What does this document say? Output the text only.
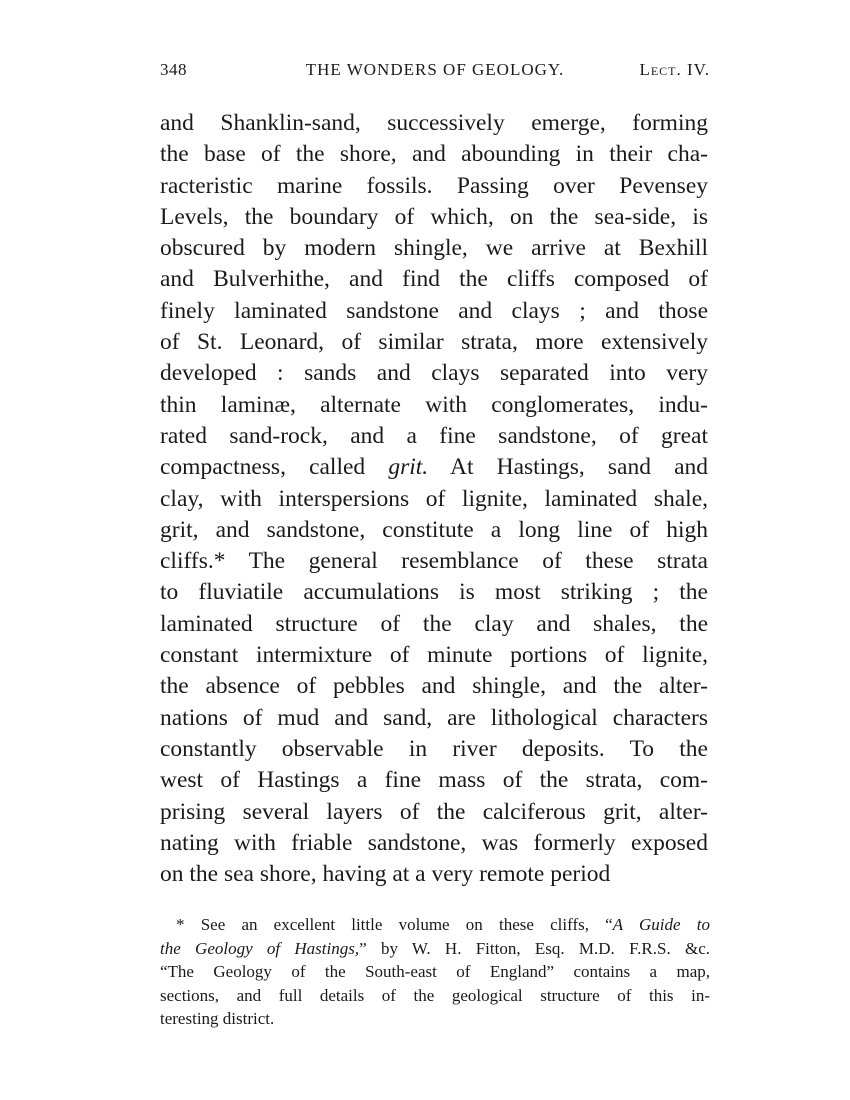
348	THE WONDERS OF GEOLOGY.	Lect. IV.
and Shanklin-sand, successively emerge, forming
the base of the shore, and abounding in their cha-
racteristic marine fossils. Passing over Pevensey
Levels, the boundary of which, on the sea-side, is
obscured by modern shingle, we arrive at Bexhill
and Bulverhithe, and find the cliffs composed of
finely laminated sandstone and clays ; and those
of St. Leonard, of similar strata, more extensively
developed : sands and clays separated into very
thin laminæ, alternate with conglomerates, indu-
rated sand-rock, and a fine sandstone, of great
compactness, called grit. At Hastings, sand and
clay, with interspersions of lignite, laminated shale,
grit, and sandstone, constitute a long line of high
cliffs.* The general resemblance of these strata
to fluviatile accumulations is most striking ; the
laminated structure of the clay and shales, the
constant intermixture of minute portions of lignite,
the absence of pebbles and shingle, and the alter-
nations of mud and sand, are lithological characters
constantly observable in river deposits. To the
west of Hastings a fine mass of the strata, com-
prising several layers of the calciferous grit, alter-
nating with friable sandstone, was formerly exposed
on the sea shore, having at a very remote period
* See an excellent little volume on these cliffs, “A Guide to
the Geology of Hastings,” by W. H. Fitton, Esq. M.D. F.R.S. &c.
“The Geology of the South-east of England” contains a map,
sections, and full details of the geological structure of this in-
teresting district.
